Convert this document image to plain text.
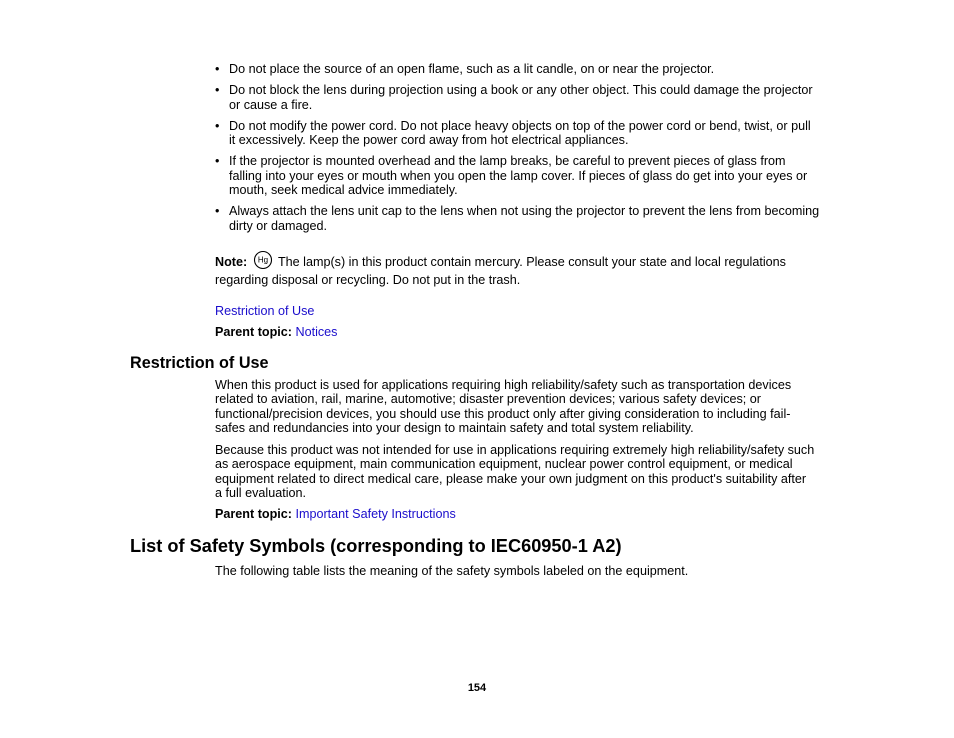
• Do not place the source of an open flame, such as a lit candle, on or near the projector.
• Do not block the lens during projection using a book or any other object. This could damage the projector or cause a fire.
• Do not modify the power cord. Do not place heavy objects on top of the power cord or bend, twist, or pull it excessively. Keep the power cord away from hot electrical appliances.
• If the projector is mounted overhead and the lamp breaks, be careful to prevent pieces of glass from falling into your eyes or mouth when you open the lamp cover. If pieces of glass do get into your eyes or mouth, seek medical advice immediately.
• Always attach the lens unit cap to the lens when not using the projector to prevent the lens from becoming dirty or damaged.
Note: Hg The lamp(s) in this product contain mercury. Please consult your state and local regulations regarding disposal or recycling. Do not put in the trash.
Restriction of Use
Parent topic: Notices
Restriction of Use
When this product is used for applications requiring high reliability/safety such as transportation devices related to aviation, rail, marine, automotive; disaster prevention devices; various safety devices; or functional/precision devices, you should use this product only after giving consideration to including fail-safes and redundancies into your design to maintain safety and total system reliability.
Because this product was not intended for use in applications requiring extremely high reliability/safety such as aerospace equipment, main communication equipment, nuclear power control equipment, or medical equipment related to direct medical care, please make your own judgment on this product's suitability after a full evaluation.
Parent topic: Important Safety Instructions
List of Safety Symbols (corresponding to IEC60950-1 A2)
The following table lists the meaning of the safety symbols labeled on the equipment.
154
